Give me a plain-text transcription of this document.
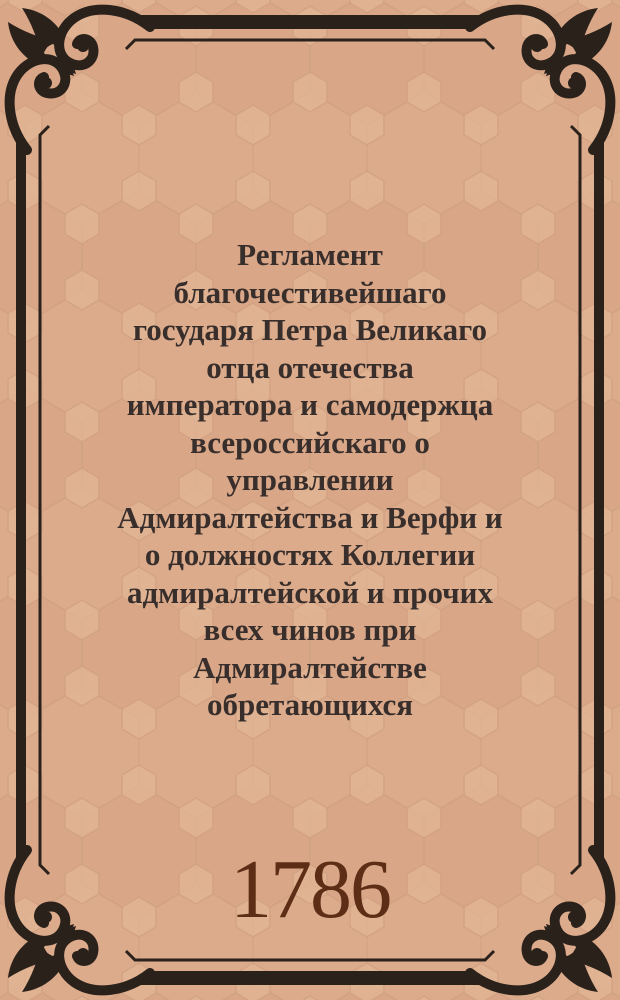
Регламент
благочестивейшаго
государя Петра Великаго
отца отечества
императора и самодержца
всероссийскаго о
управлении
Адмиралтейства и Верфи и
о должностях Коллегии
адмиралтейской и прочих
всех чинов при
Адмиралтействе
обретающихся
1786
